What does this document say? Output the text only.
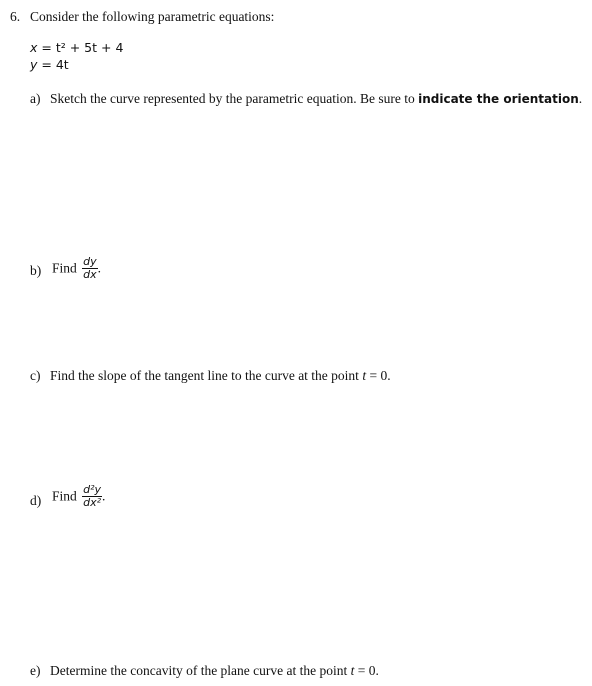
6. Consider the following parametric equations:
x = t² + 5t + 4
y = 4t
a) Sketch the curve represented by the parametric equation. Be sure to indicate the orientation.
b) Find $\frac{dy}{dx}$ .
c) Find the slope of the tangent line to the curve at the point t = 0.
d) Find $\frac{\text{d²y}}{\text{dx²}}$ .
e) Determine the concavity of the plane curve at the point t = 0.
